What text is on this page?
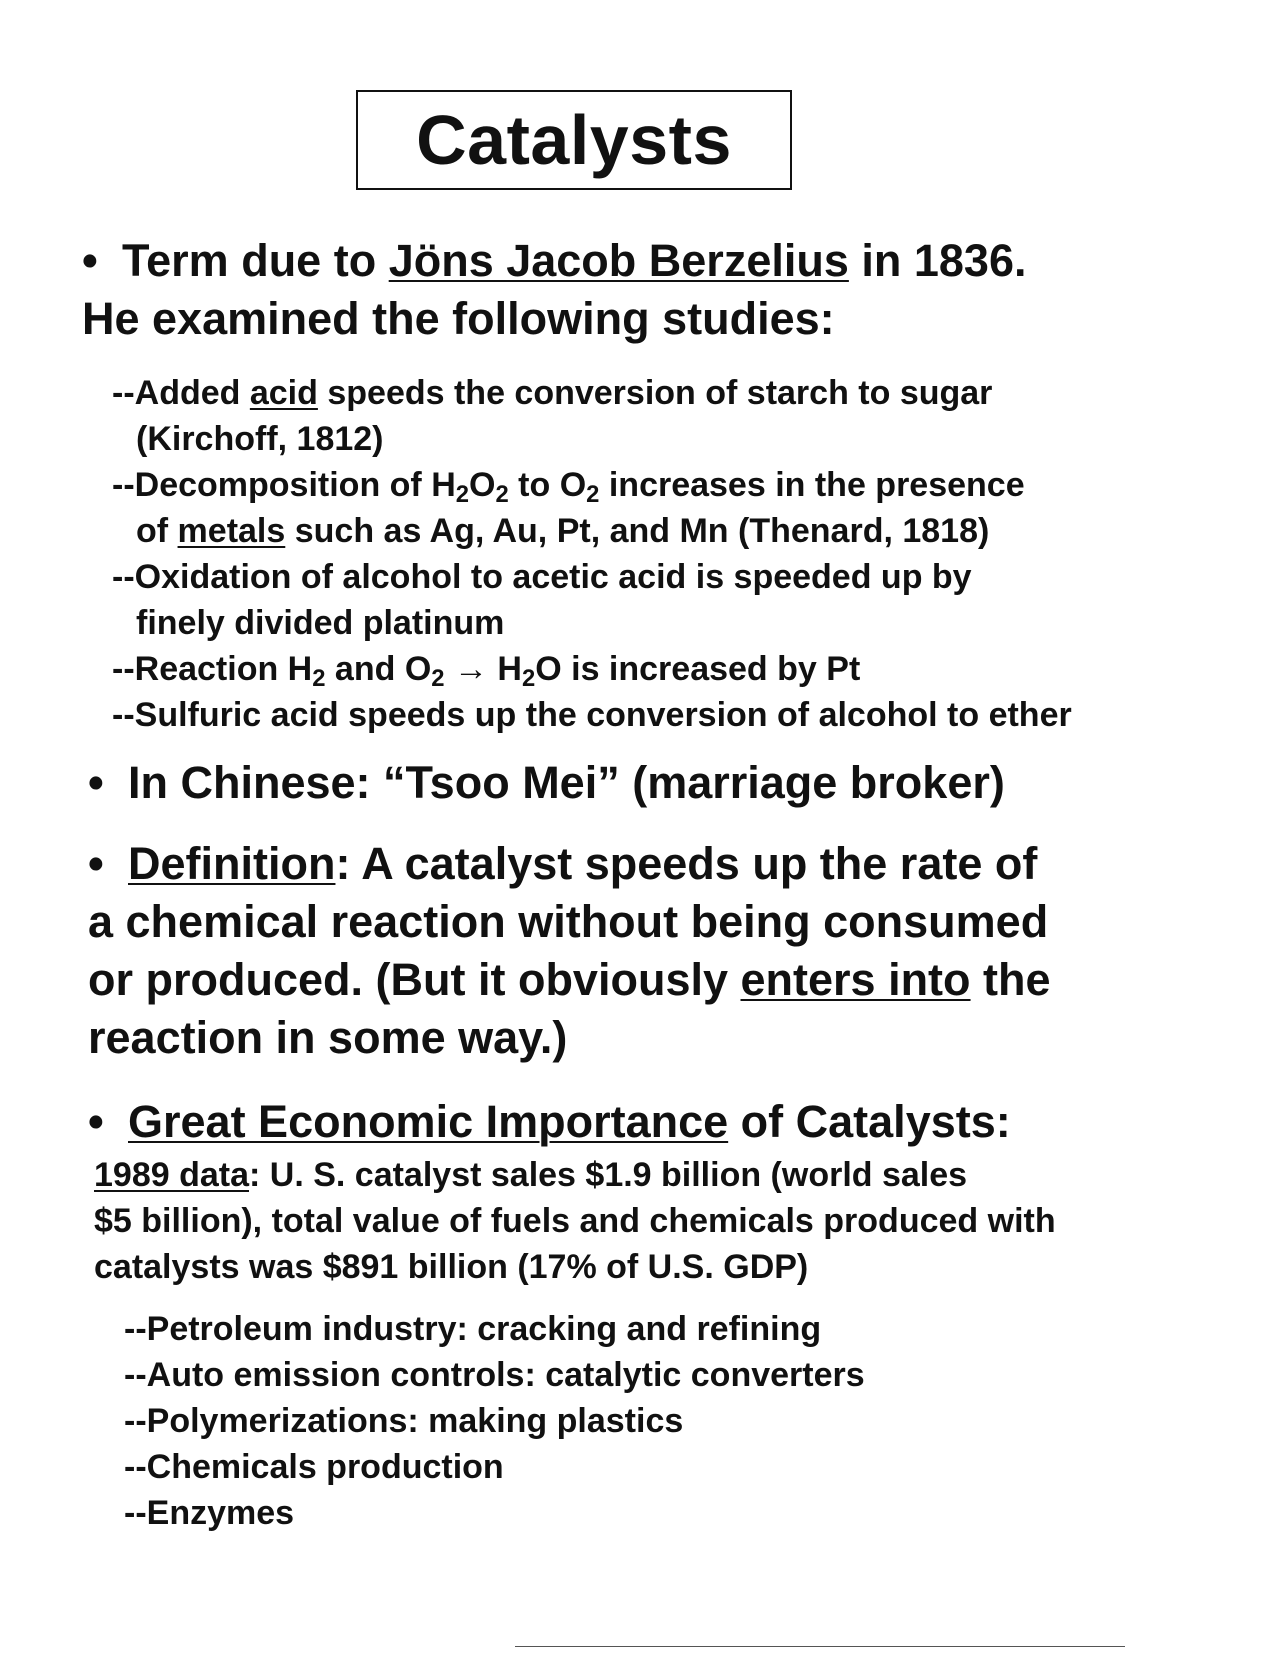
Catalysts
• Term due to Jöns Jacob Berzelius in 1836.
He examined the following studies:
--Added acid speeds the conversion of starch to sugar
(Kirchoff, 1812)
--Decomposition of $H_2O_2$ to $O_2$ increases in the presence
of metals such as Ag, Au, Pt, and Mn (Thenard, 1818)
--Oxidation of alcohol to acetic acid is speeded up by
finely divided platinum
--Reaction $H_2$ and $O_2 \to H_2O$ is increased by Pt
--Sulfuric acid speeds up the conversion of alcohol to ether
• In Chinese: “Tsoo Mei” (marriage broker)
• Definition: A catalyst speeds up the rate of
a chemical reaction without being consumed
or produced. (But it obviously enters into the
reaction in some way.)
• Great Economic Importance of Catalysts:
1989 data: U. S. catalyst sales $1.9 billion (world sales
$5 billion), total value of fuels and chemicals produced with
catalysts was $891 billion (17% of U.S. GDP)
--Petroleum industry: cracking and refining
--Auto emission controls: catalytic converters
--Polymerizations: making plastics
--Chemicals production
--Enzymes
